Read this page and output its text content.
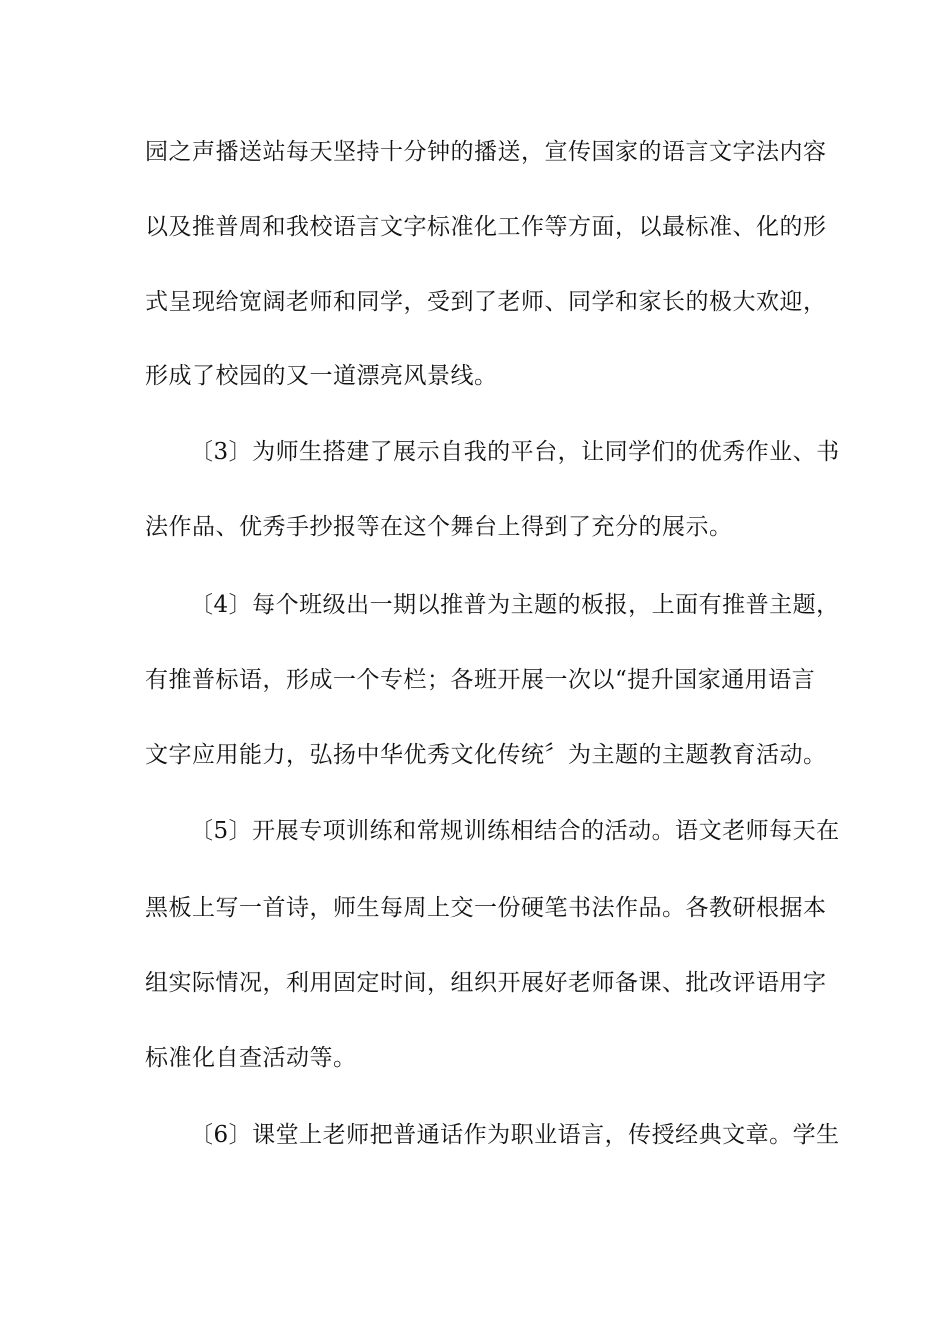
园之声播送站每天坚持十分钟的播送，宣传国家的语言文字法内容
以及推普周和我校语言文字标准化工作等方面，以最标准、化的形
式呈现给宽阔老师和同学，受到了老师、同学和家长的极大欢迎，
形成了校园的又一道漂亮风景线。
〔3〕为师生搭建了展示自我的平台，让同学们的优秀作业、书
法作品、优秀手抄报等在这个舞台上得到了充分的展示。
〔4〕每个班级出一期以推普为主题的板报，上面有推普主题，
有推普标语，形成一个专栏；各班开展一次以“提升国家通用语言
文字应用能力，弘扬中华优秀文化传统〞为主题的主题教育活动。
〔5〕开展专项训练和常规训练相结合的活动。语文老师每天在
黑板上写一首诗，师生每周上交一份硬笔书法作品。各教研根据本
组实际情况，利用固定时间，组织开展好老师备课、批改评语用字
标准化自查活动等。
〔6〕课堂上老师把普通话作为职业语言，传授经典文章。学生
